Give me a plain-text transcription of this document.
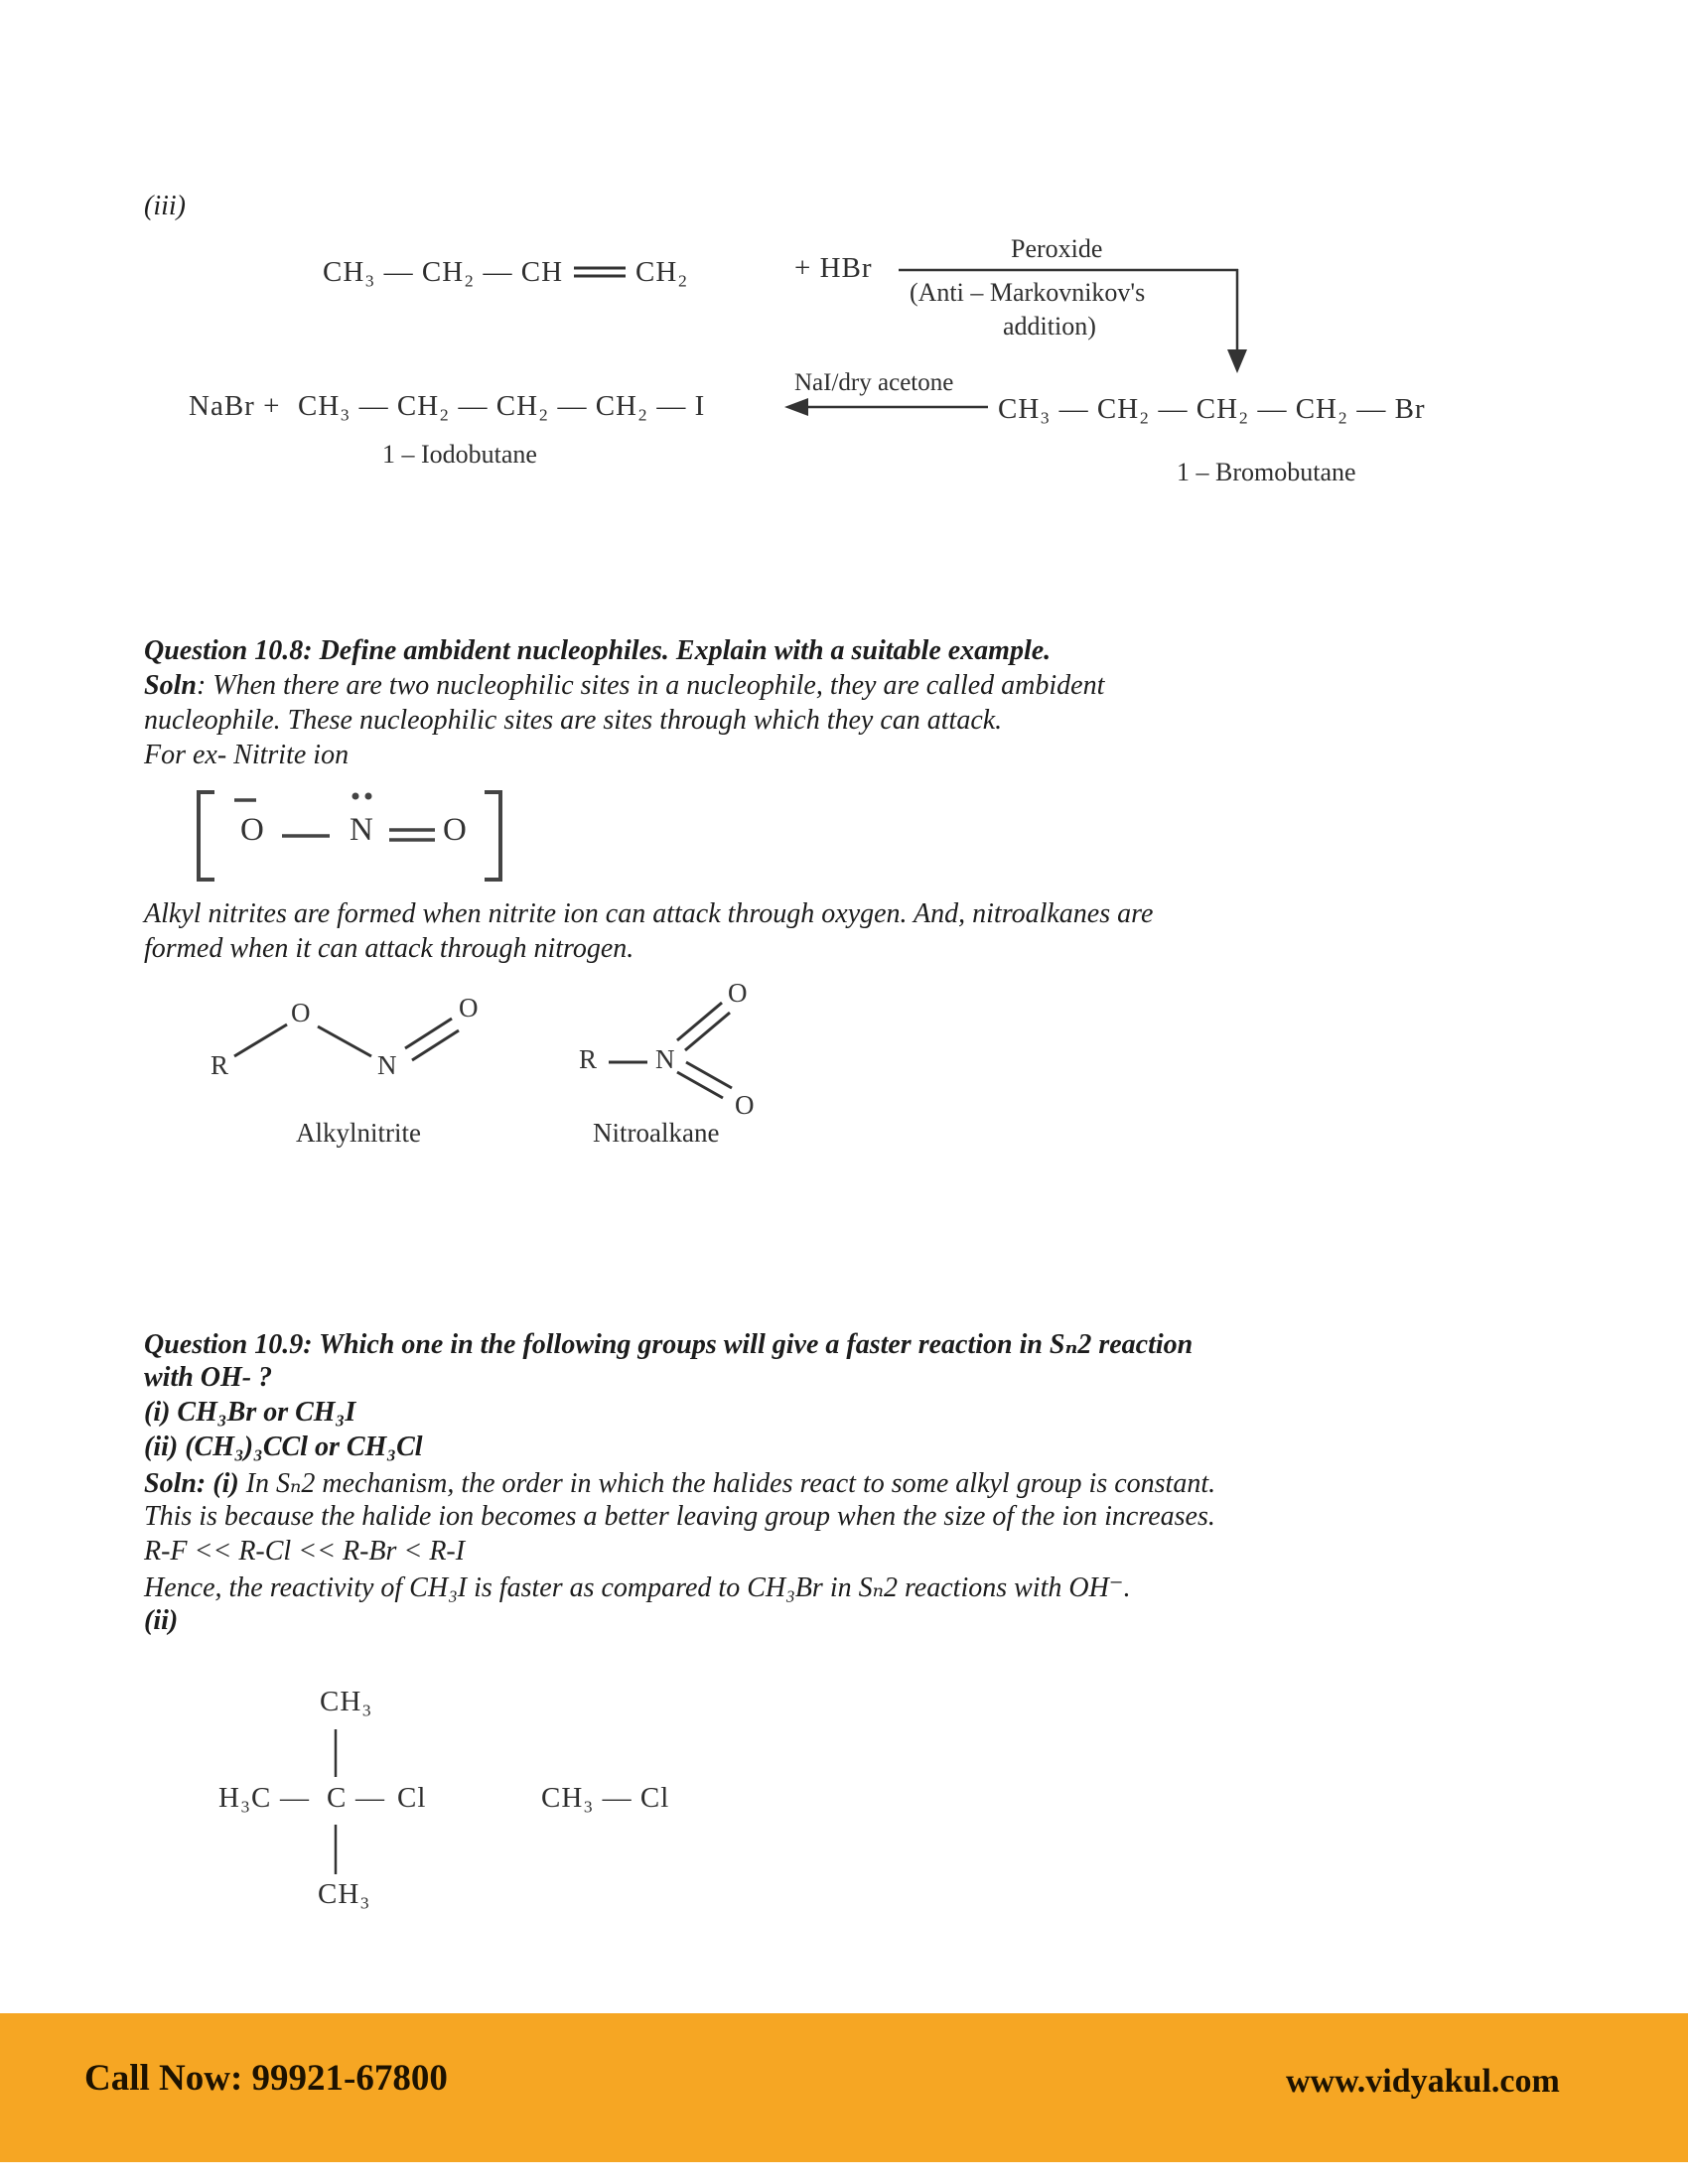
(iii)
CH₃ — CH₂ — CH	CH₂	+ HBr
Peroxide
(Anti – Markovnikov's
addition)
NaBr + CH₃ — CH₂ — CH₂ — CH₂ — I
NaI/dry acetone
CH₃ — CH₂ — CH₂ — CH₂ — Br
1 – Iodobutane
1 – Bromobutane
Question 10.8: Define ambident nucleophiles. Explain with a suitable example.
Soln: When there are two nucleophilic sites in a nucleophile, they are called ambident
nucleophile. These nucleophilic sites are sites through which they can attack.
For ex- Nitrite ion
O	N O
Alkyl nitrites are formed when nitrite ion can attack through oxygen. And, nitroalkanes are
formed when it can attack through nitrogen.
R
O
N
O
Alkylnitrite
R N
O
O
Nitroalkane
Question 10.9: Which one in the following groups will give a faster reaction in Sₙ2 reaction
with OH- ?
(i) CH₃Br or CH₃I
(ii) (CH₃)₃CCl or CH₃Cl
Soln: (i) In Sₙ2 mechanism, the order in which the halides react to some alkyl group is constant.
This is because the halide ion becomes a better leaving group when the size of the ion increases.
R-F << R-Cl << R-Br < R-I
Hence, the reactivity of CH₃I is faster as compared to CH₃Br in Sₙ2 reactions with OH⁻.
(ii)
CH₃
H₃C — C — Cl
CH₃
CH₃ — Cl
Call Now: 99921-67800	www.vidyakul.com
